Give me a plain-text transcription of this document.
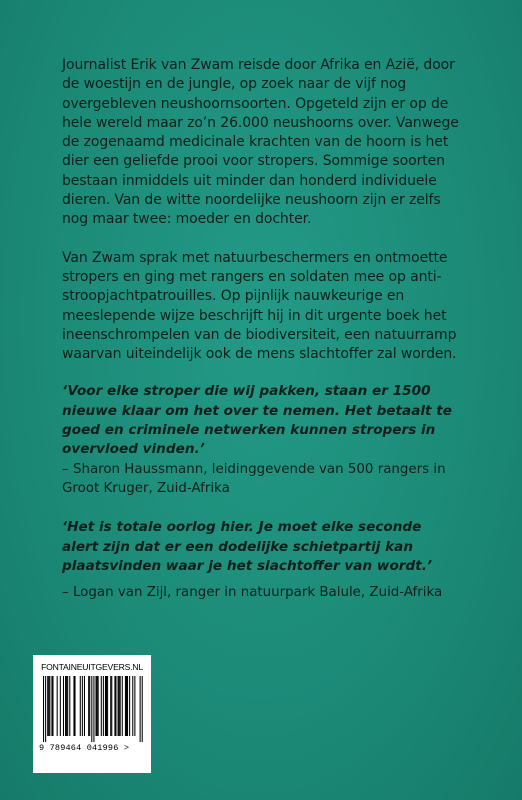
Journalist Erik van Zwam reisde door Afrika en Azië, door de woestijn en de jungle, op zoek naar de vijf nog overgebleven neushoornsoorten. Opgeteld zijn er op de hele wereld maar zo’n 26.000 neushoorns over. Vanwege de zogenaamd medicinale krachten van de hoorn is het dier een geliefde prooi voor stropers. Sommige soorten bestaan inmiddels uit minder dan honderd individuele dieren. Van de witte noordelijke neushoorn zijn er zelfs nog maar twee: moeder en dochter.

Van Zwam sprak met natuurbeschermers en ontmoette stropers en ging met rangers en soldaten mee op anti-stroopjachtpatrouilles. Op pijnlijk nauwkeurige en meeslepende wijze beschrijft hij in dit urgente boek het ineenschrompelen van de biodiversiteit, een natuurramp waarvan uiteindelijk ook de mens slachtoffer zal worden.

‘Voor elke stroper die wij pakken, staan er 1500 nieuwe klaar om het over te nemen. Het betaalt te goed en criminele netwerken kunnen stropers in overvloed vinden.’

– Sharon Haussmann, leidinggevende van 500 rangers in Groot Kruger, Zuid-Afrika

‘Het is totale oorlog hier. Je moet elke seconde alert zijn dat er een dodelijke schietpartij kan plaatsvinden waar je het slachtoffer van wordt.’

– Logan van Zijl, ranger in natuurpark Balule, Zuid-Afrika

FONTAINEUITGEVERS.NL
9 789464 041996 >
